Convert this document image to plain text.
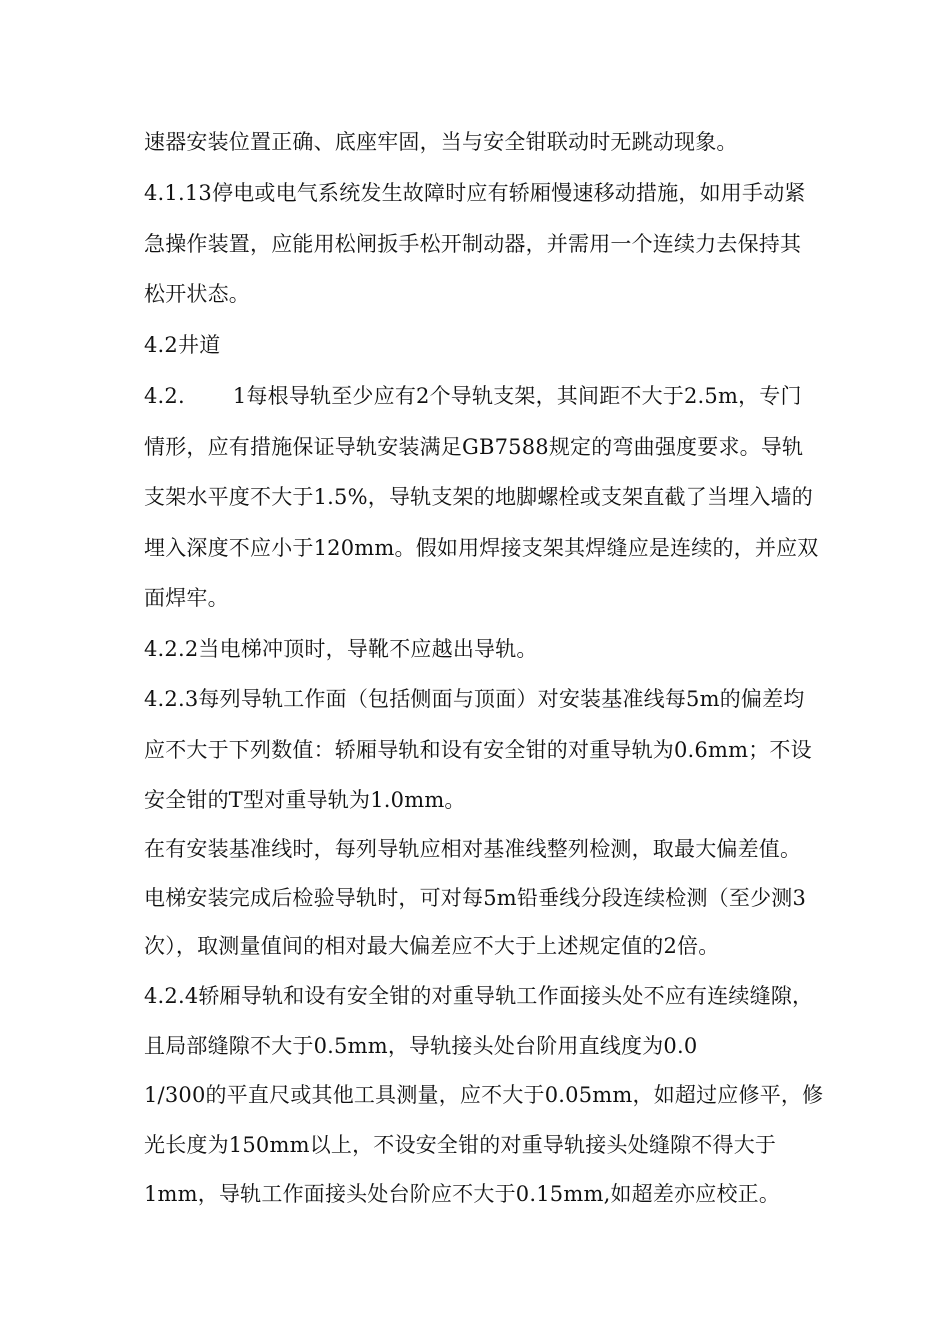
速器安装位置正确、底座牢固，当与安全钳联动时无跳动现象。
4.1.13停电或电气系统发生故障时应有轿厢慢速移动措施，如用手动紧
急操作装置，应能用松闸扳手松开制动器，并需用一个连续力去保持其
松开状态。
4.2井道
4.2. 1每根导轨至少应有2个导轨支架，其间距不大于2.5m，专门
情形，应有措施保证导轨安装满足GB7588规定的弯曲强度要求。导轨
支架水平度不大于1.5%，导轨支架的地脚螺栓或支架直截了当埋入墙的
埋入深度不应小于120mm。假如用焊接支架其焊缝应是连续的，并应双
面焊牢。
4.2.2当电梯冲顶时，导靴不应越出导轨。
4.2.3每列导轨工作面（包括侧面与顶面）对安装基准线每5m的偏差均
应不大于下列数值：轿厢导轨和设有安全钳的对重导轨为0.6mm；不设
安全钳的T型对重导轨为1.0mm。
在有安装基准线时，每列导轨应相对基准线整列检测，取最大偏差值。
电梯安装完成后检验导轨时，可对每5m铅垂线分段连续检测（至少测3
次），取测量值间的相对最大偏差应不大于上述规定值的2倍。
4.2.4轿厢导轨和设有安全钳的对重导轨工作面接头处不应有连续缝隙，
且局部缝隙不大于0.5mm，导轨接头处台阶用直线度为0.0
1/300的平直尺或其他工具测量，应不大于0.05mm，如超过应修平，修
光长度为150mm以上，不设安全钳的对重导轨接头处缝隙不得大于
1mm，导轨工作面接头处台阶应不大于0.15mm,如超差亦应校正。
